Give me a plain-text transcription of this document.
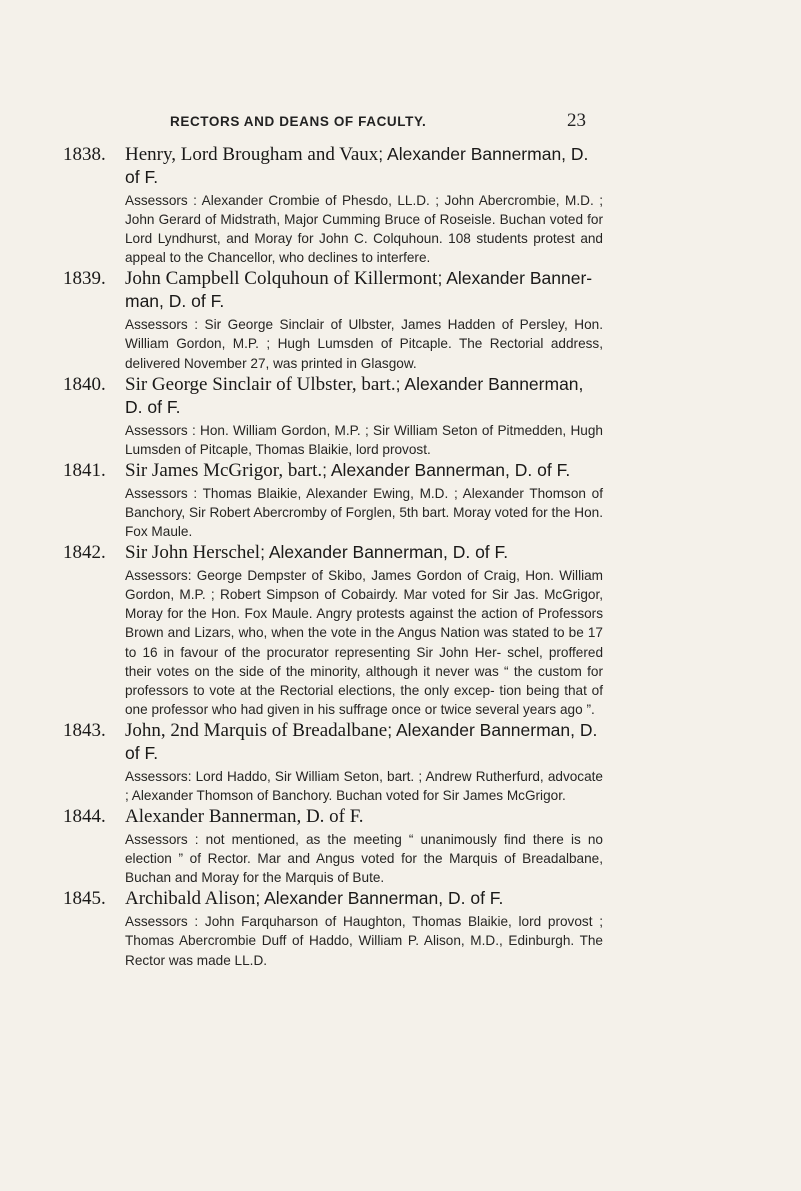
RECTORS AND DEANS OF FACULTY.	23
1838. Henry, Lord Brougham and Vaux; Alexander Bannerman, D. of F.

Assessors : Alexander Crombie of Phesdo, LL.D. ; John Abercrombie, M.D. ; John Gerard of Midstrath, Major Cumming Bruce of Roseisle. Buchan voted for Lord Lyndhurst, and Moray for John C. Colquhoun. 108 students protest and appeal to the Chancellor, who declines to interfere.

1839. John Campbell Colquhoun of Killermont; Alexander Banner- man, D. of F.

Assessors : Sir George Sinclair of Ulbster, James Hadden of Persley, Hon. William Gordon, M.P. ; Hugh Lumsden of Pitcaple. The Rectorial address, delivered November 27, was printed in Glasgow.

1840. Sir George Sinclair of Ulbster, bart.; Alexander Bannerman, D. of F.

Assessors : Hon. William Gordon, M.P. ; Sir William Seton of Pitmedden, Hugh Lumsden of Pitcaple, Thomas Blaikie, lord provost.

1841. Sir James McGrigor, bart.; Alexander Bannerman, D. of F.

Assessors : Thomas Blaikie, Alexander Ewing, M.D. ; Alexander Thomson of Banchory, Sir Robert Abercromby of Forglen, 5th bart. Moray voted for the Hon. Fox Maule.

1842. Sir John Herschel; Alexander Bannerman, D. of F.

Assessors: George Dempster of Skibo, James Gordon of Craig, Hon. William Gordon, M.P. ; Robert Simpson of Cobairdy. Mar voted for Sir Jas. McGrigor, Moray for the Hon. Fox Maule. Angry protests against the action of Professors Brown and Lizars, who, when the vote in the Angus Nation was stated to be 17 to 16 in favour of the procurator representing Sir John Her- schel, proffered their votes on the side of the minority, although it never was “ the custom for professors to vote at the Rectorial elections, the only excep- tion being that of one professor who had given in his suffrage once or twice several years ago ”.

1843. John, 2nd Marquis of Breadalbane; Alexander Bannerman, D. of F.

Assessors: Lord Haddo, Sir William Seton, bart. ; Andrew Rutherfurd, advocate ; Alexander Thomson of Banchory. Buchan voted for Sir James McGrigor.

1844. Alexander Bannerman, D. of F.

Assessors : not mentioned, as the meeting “ unanimously find there is no election ” of Rector. Mar and Angus voted for the Marquis of Breadalbane, Buchan and Moray for the Marquis of Bute.

1845. Archibald Alison; Alexander Bannerman, D. of F.

Assessors : John Farquharson of Haughton, Thomas Blaikie, lord provost ; Thomas Abercrombie Duff of Haddo, William P. Alison, M.D., Edinburgh. The Rector was made LL.D.
